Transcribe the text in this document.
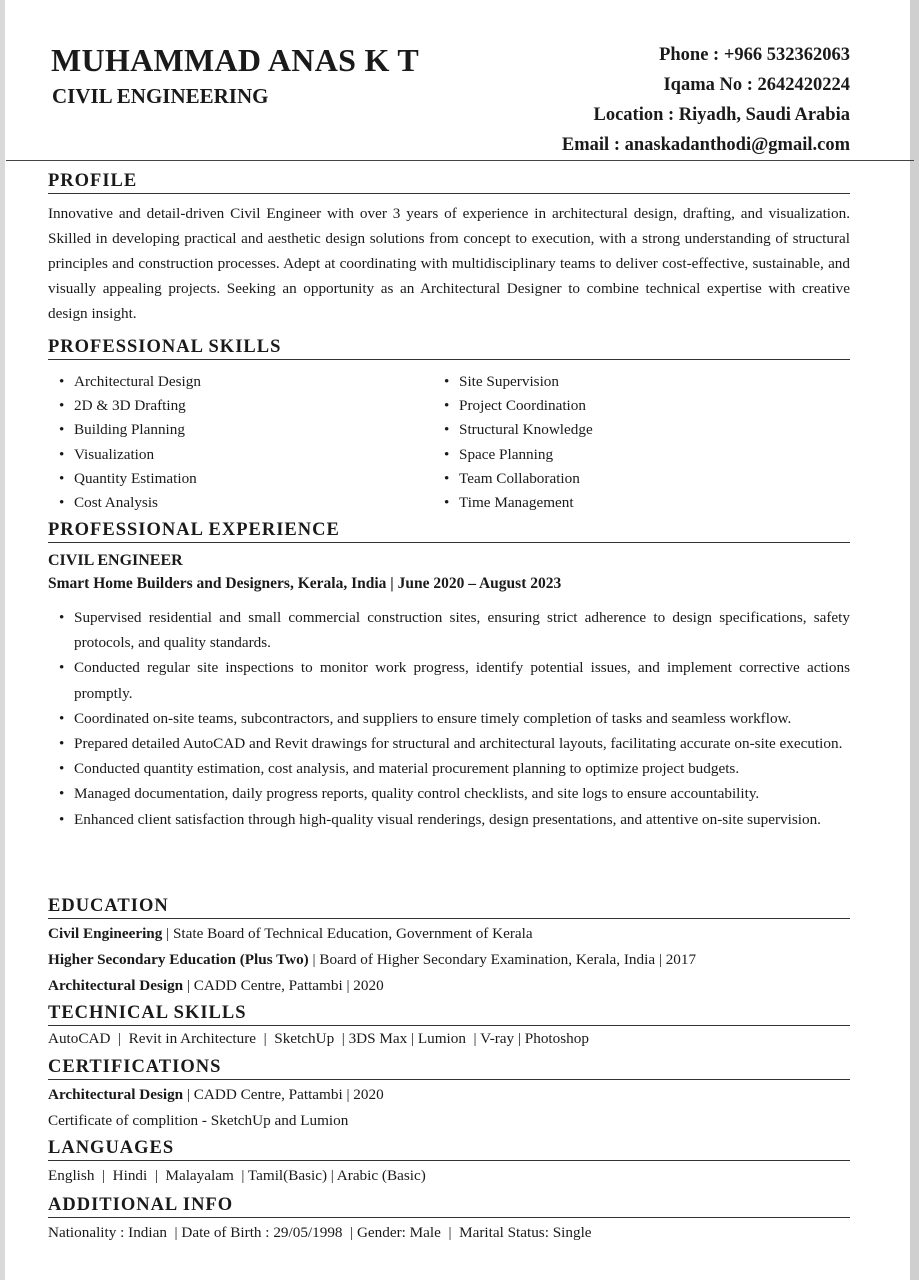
MUHAMMAD ANAS K T
CIVIL ENGINEERING
Phone : +966 532362063
Iqama No : 2642420224
Location : Riyadh, Saudi Arabia
Email : anaskadanthodi@gmail.com
PROFILE
Innovative and detail-driven Civil Engineer with over 3 years of experience in architectural design, drafting, and visualization. Skilled in developing practical and aesthetic design solutions from concept to execution, with a strong understanding of structural principles and construction processes. Adept at coordinating with multidisciplinary teams to deliver cost-effective, sustainable, and visually appealing projects. Seeking an opportunity as an Architectural Designer to combine technical expertise with creative design insight.
PROFESSIONAL SKILLS
• Architectural Design
• 2D & 3D Drafting
• Building Planning
• Visualization
• Quantity Estimation
• Cost Analysis
• Site Supervision
• Project Coordination
• Structural Knowledge
• Space Planning
• Team Collaboration
• Time Management
PROFESSIONAL EXPERIENCE
CIVIL ENGINEER
Smart Home Builders and Designers, Kerala, India | June 2020 – August 2023
• Supervised residential and small commercial construction sites, ensuring strict adherence to design specifications, safety protocols, and quality standards.
• Conducted regular site inspections to monitor work progress, identify potential issues, and implement corrective actions promptly.
• Coordinated on-site teams, subcontractors, and suppliers to ensure timely completion of tasks and seamless workflow.
• Prepared detailed AutoCAD and Revit drawings for structural and architectural layouts, facilitating accurate on-site execution.
• Conducted quantity estimation, cost analysis, and material procurement planning to optimize project budgets.
• Managed documentation, daily progress reports, quality control checklists, and site logs to ensure accountability.
• Enhanced client satisfaction through high-quality visual renderings, design presentations, and attentive on-site supervision.
EDUCATION
Civil Engineering | State Board of Technical Education, Government of Kerala
Higher Secondary Education (Plus Two) | Board of Higher Secondary Examination, Kerala, India | 2017
Architectural Design | CADD Centre, Pattambi | 2020
TECHNICAL SKILLS
AutoCAD  |  Revit in Architecture  |  SketchUp  | 3DS Max | Lumion  | V-ray | Photoshop
CERTIFICATIONS
Architectural Design | CADD Centre, Pattambi | 2020
Certificate of complition - SketchUp and Lumion
LANGUAGES
English  |  Hindi  |  Malayalam  | Tamil(Basic) | Arabic (Basic)
ADDITIONAL INFO
Nationality : Indian  | Date of Birth : 29/05/1998  | Gender: Male  |  Marital Status: Single
